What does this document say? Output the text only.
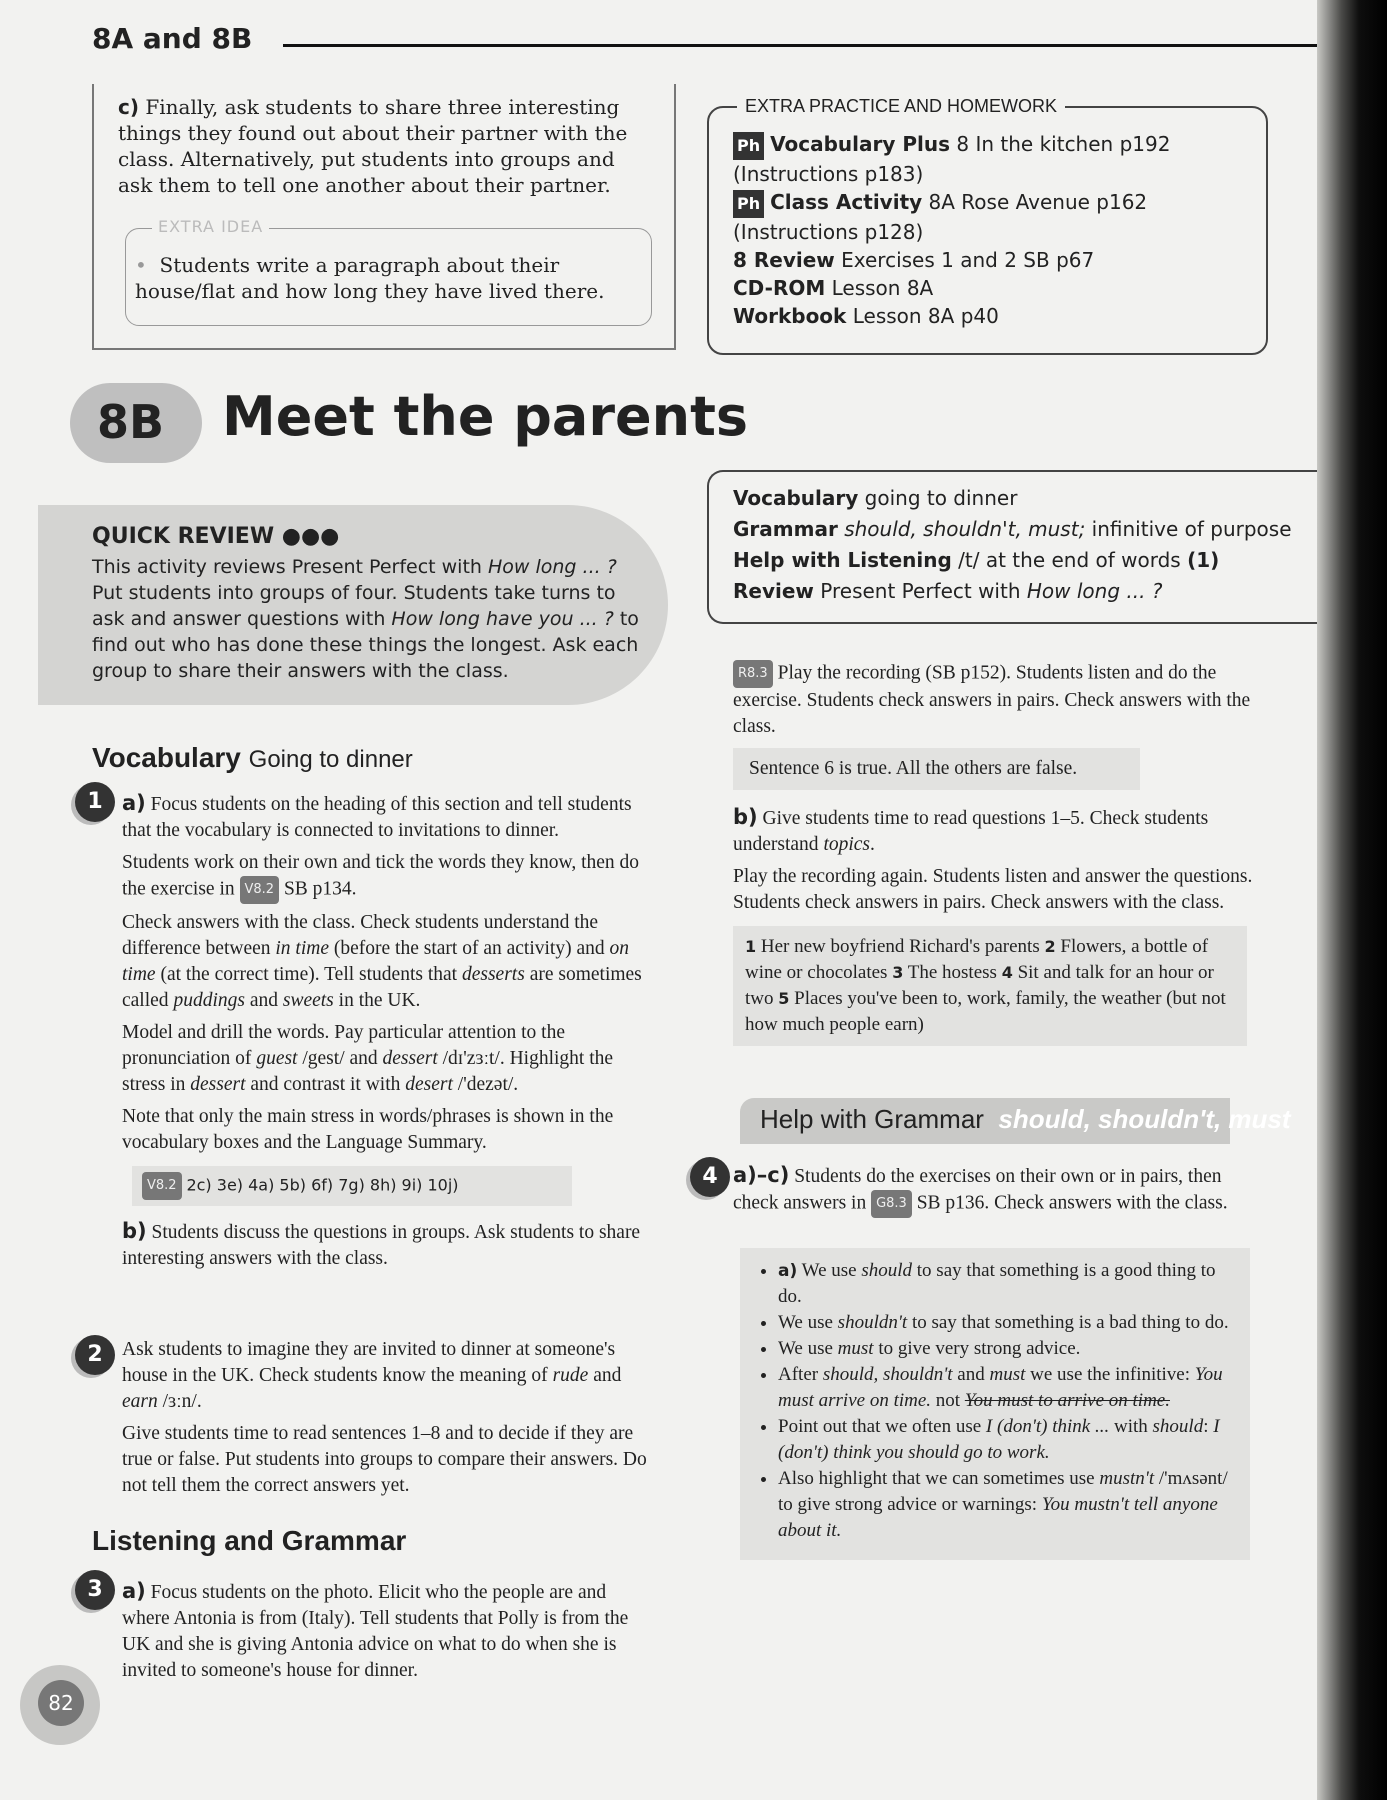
8A and 8B
c) Finally, ask students to share three interesting things they found out about their partner with the class. Alternatively, put students into groups and ask them to tell one another about their partner.
EXTRA IDEA
• Students write a paragraph about their house/flat and how long they have lived there.
EXTRA PRACTICE AND HOMEWORK
Ph Vocabulary Plus 8 In the kitchen p192
(Instructions p183)
Ph Class Activity 8A Rose Avenue p162
(Instructions p128)
8 Review Exercises 1 and 2 SB p67
CD-ROM Lesson 8A
Workbook Lesson 8A p40
8B Meet the parents
QUICK REVIEW ●●●
This activity reviews Present Perfect with How long ... ? Put students into groups of four. Students take turns to ask and answer questions with How long have you ... ? to find out who has done these things the longest. Ask each group to share their answers with the class.
Vocabulary going to dinner
Grammar should, shouldn't, must; infinitive of purpose
Help with Listening /t/ at the end of words (1)
Review Present Perfect with How long ... ?
Vocabulary Going to dinner
1 a) Focus students on the heading of this section and tell students that the vocabulary is connected to invitations to dinner.

Students work on their own and tick the words they know, then do the exercise in V8.2 SB p134.

Check answers with the class. Check students understand the difference between in time (before the start of an activity) and on time (at the correct time). Tell students that desserts are sometimes called puddings and sweets in the UK.

Model and drill the words. Pay particular attention to the pronunciation of guest /gest/ and dessert /dɪ'zɜːt/. Highlight the stress in dessert and contrast it with desert /'dezət/.

Note that only the main stress in words/phrases is shown in the vocabulary boxes and the Language Summary.

V8.2 2c) 3e) 4a) 5b) 6f) 7g) 8h) 9i) 10j)

b) Students discuss the questions in groups. Ask students to share interesting answers with the class.

2 Ask students to imagine they are invited to dinner at someone's house in the UK. Check students know the meaning of rude and earn /ɜːn/.

Give students time to read sentences 1–8 and to decide if they are true or false. Put students into groups to compare their answers. Do not tell them the correct answers yet.

Listening and Grammar
3 a) Focus students on the photo. Elicit who the people are and where Antonia is from (Italy). Tell students that Polly is from the UK and she is giving Antonia advice on what to do when she is invited to someone's house for dinner.

R8.3 Play the recording (SB p152). Students listen and do the exercise. Students check answers in pairs. Check answers with the class.

Sentence 6 is true. All the others are false.

b) Give students time to read questions 1–5. Check students understand topics.

Play the recording again. Students listen and answer the questions. Students check answers in pairs. Check answers with the class.

1 Her new boyfriend Richard's parents 2 Flowers, a bottle of wine or chocolates 3 The hostess 4 Sit and talk for an hour or two 5 Places you've been to, work, family, the weather (but not how much people earn)
Help with Grammar should, shouldn't, must
4 a)–c) Students do the exercises on their own or in pairs, then check answers in G8.3 SB p136. Check answers with the class.

• a) We use should to say that something is a good thing to do.
• We use shouldn't to say that something is a bad thing to do.
• We use must to give very strong advice.
• After should, shouldn't and must we use the infinitive: You must arrive on time. not You must to arrive on time.
• Point out that we often use I (don't) think ... with should: I (don't) think you should go to work.
• Also highlight that we can sometimes use mustn't /'mʌsənt/ to give strong advice or warnings: You mustn't tell anyone about it.
82
